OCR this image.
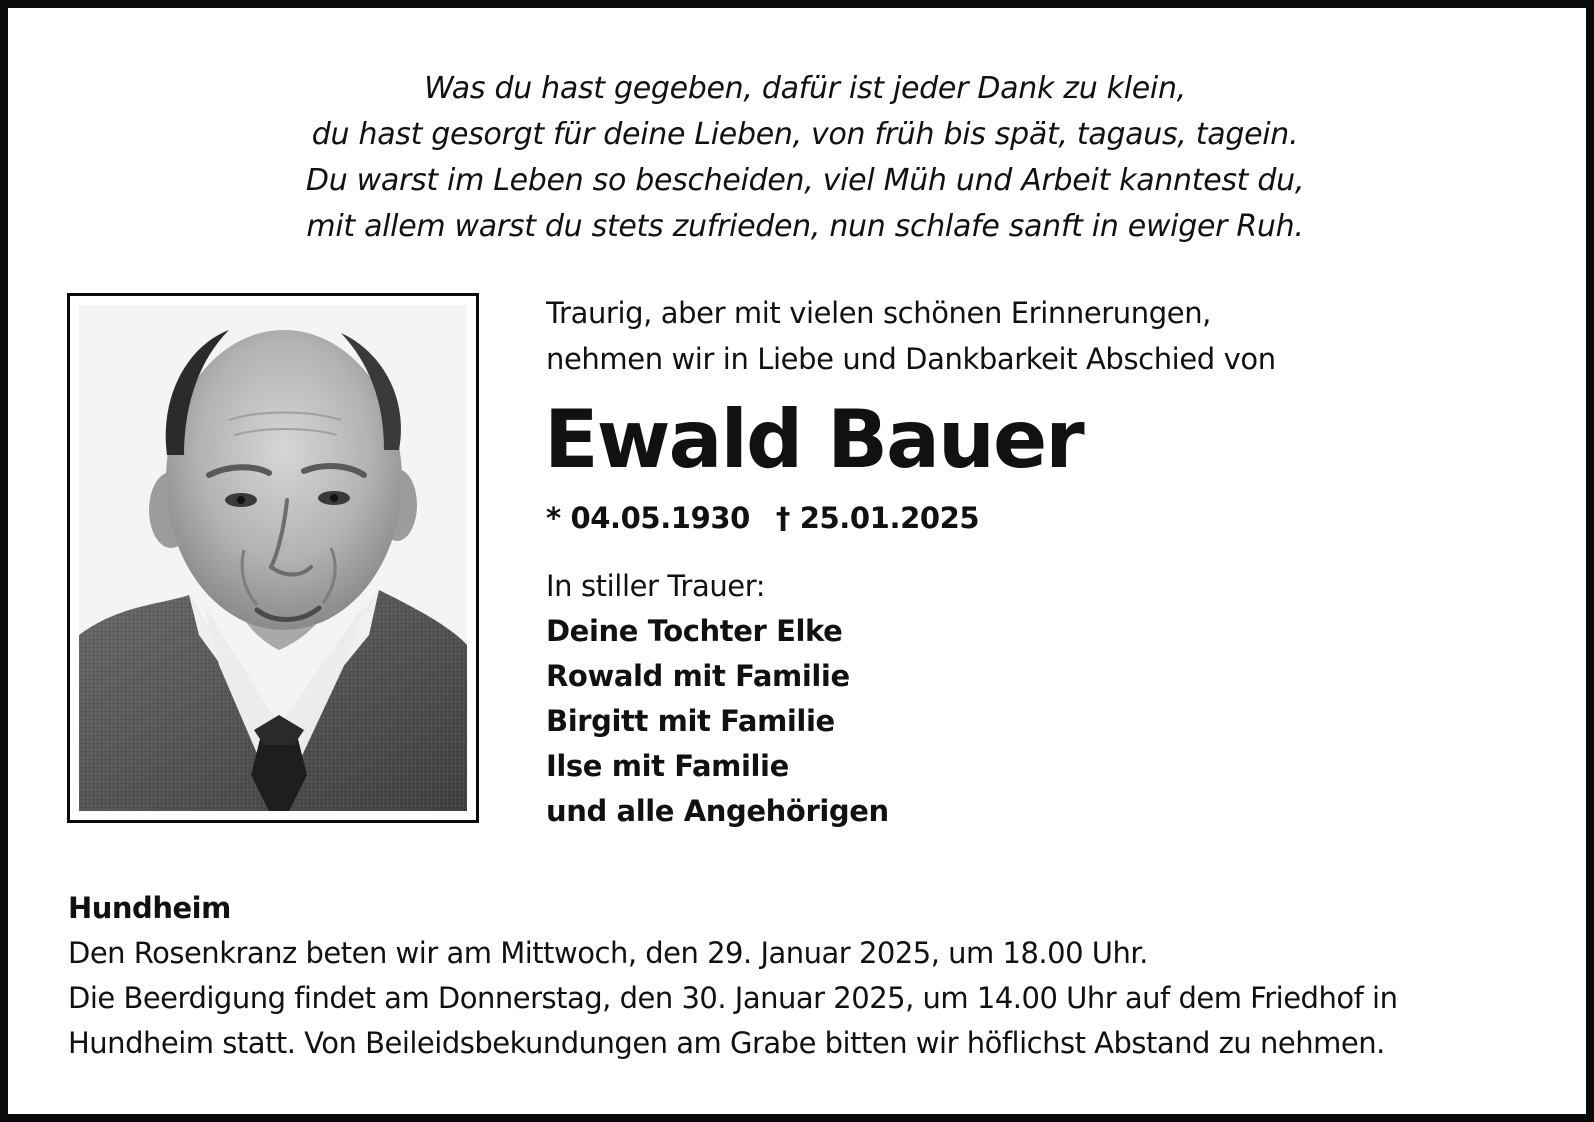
Was du hast gegeben, dafür ist jeder Dank zu klein,
du hast gesorgt für deine Lieben, von früh bis spät, tagaus, tagein.
Du warst im Leben so bescheiden, viel Müh und Arbeit kanntest du,
mit allem warst du stets zufrieden, nun schlafe sanft in ewiger Ruh.
Traurig, aber mit vielen schönen Erinnerungen,
nehmen wir in Liebe und Dankbarkeit Abschied von
Ewald Bauer
* 04.05.1930 † 25.01.2025
In stiller Trauer:
Deine Tochter Elke
Rowald mit Familie
Birgitt mit Familie
Ilse mit Familie
und alle Angehörigen
Hundheim
Den Rosenkranz beten wir am Mittwoch, den 29. Januar 2025, um 18.00 Uhr.
Die Beerdigung findet am Donnerstag, den 30. Januar 2025, um 14.00 Uhr auf dem Friedhof in
Hundheim statt. Von Beileidsbekundungen am Grabe bitten wir höflichst Abstand zu nehmen.
